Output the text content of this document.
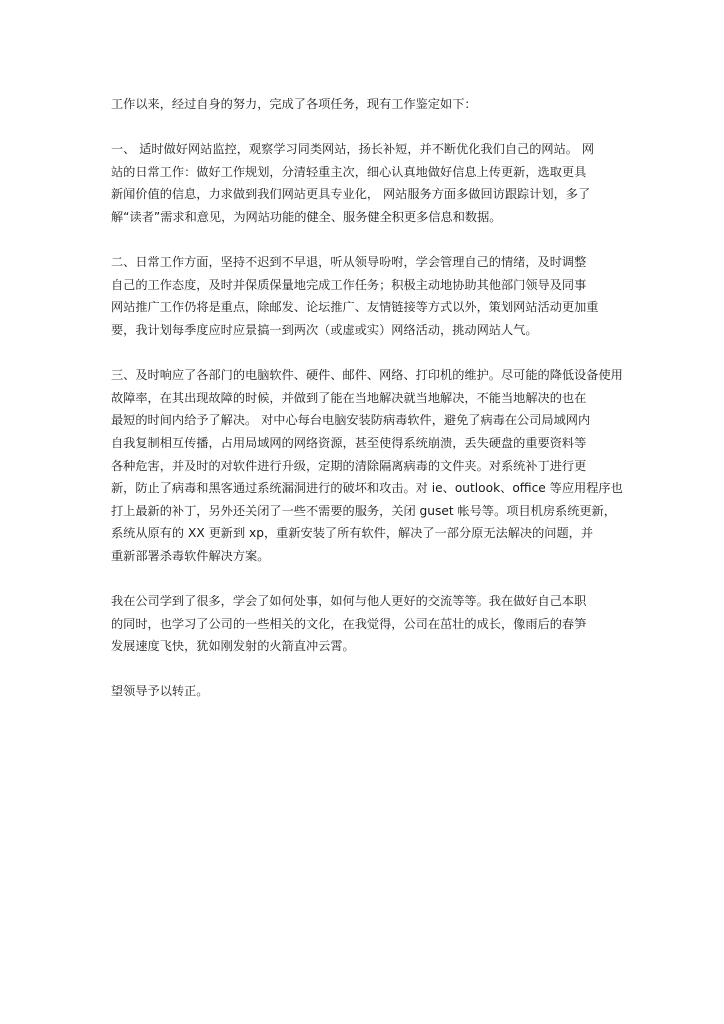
工作以来，经过自身的努力，完成了各项任务，现有工作鉴定如下：

一、 适时做好网站监控，观察学习同类网站，扬长补短，并不断优化我们自己的网站。 网
站的日常工作：做好工作规划，分清轻重主次，细心认真地做好信息上传更新，选取更具
新闻价值的信息，力求做到我们网站更具专业化， 网站服务方面多做回访跟踪计划，多了
解“读者”需求和意见，为网站功能的健全、服务健全积更多信息和数据。

二、日常工作方面，坚持不迟到不早退，听从领导吩咐，学会管理自己的情绪，及时调整
自己的工作态度，及时并保质保量地完成工作任务；积极主动地协助其他部门领导及同事
网站推广工作仍将是重点，除邮发、论坛推广、友情链接等方式以外，策划网站活动更加重
要，我计划每季度应时应景搞一到两次（或虚或实）网络活动，挑动网站人气。

三、及时响应了各部门的电脑软件、硬件、邮件、网络、打印机的维护。尽可能的降低设备使用
故障率，在其出现故障的时候，并做到了能在当地解决就当地解决，不能当地解决的也在
最短的时间内给予了解决。 对中心每台电脑安装防病毒软件，避免了病毒在公司局域网内
自我复制相互传播，占用局域网的网络资源，甚至使得系统崩溃，丢失硬盘的重要资料等
各种危害，并及时的对软件进行升级，定期的清除隔离病毒的文件夹。对系统补丁进行更
新，防止了病毒和黑客通过系统漏洞进行的破坏和攻击。对 ie、outlook、office 等应用程序也
打上最新的补丁，另外还关闭了一些不需要的服务，关闭 guset 帐号等。项目机房系统更新，
系统从原有的 XX 更新到 xp，重新安装了所有软件，解决了一部分原无法解决的问题，并
重新部署杀毒软件解决方案。

我在公司学到了很多，学会了如何处事，如何与他人更好的交流等等。我在做好自己本职
的同时，也学习了公司的一些相关的文化，在我觉得，公司在茁壮的成长，像雨后的春笋
发展速度飞快，犹如刚发射的火箭直冲云霄。

望领导予以转正。
